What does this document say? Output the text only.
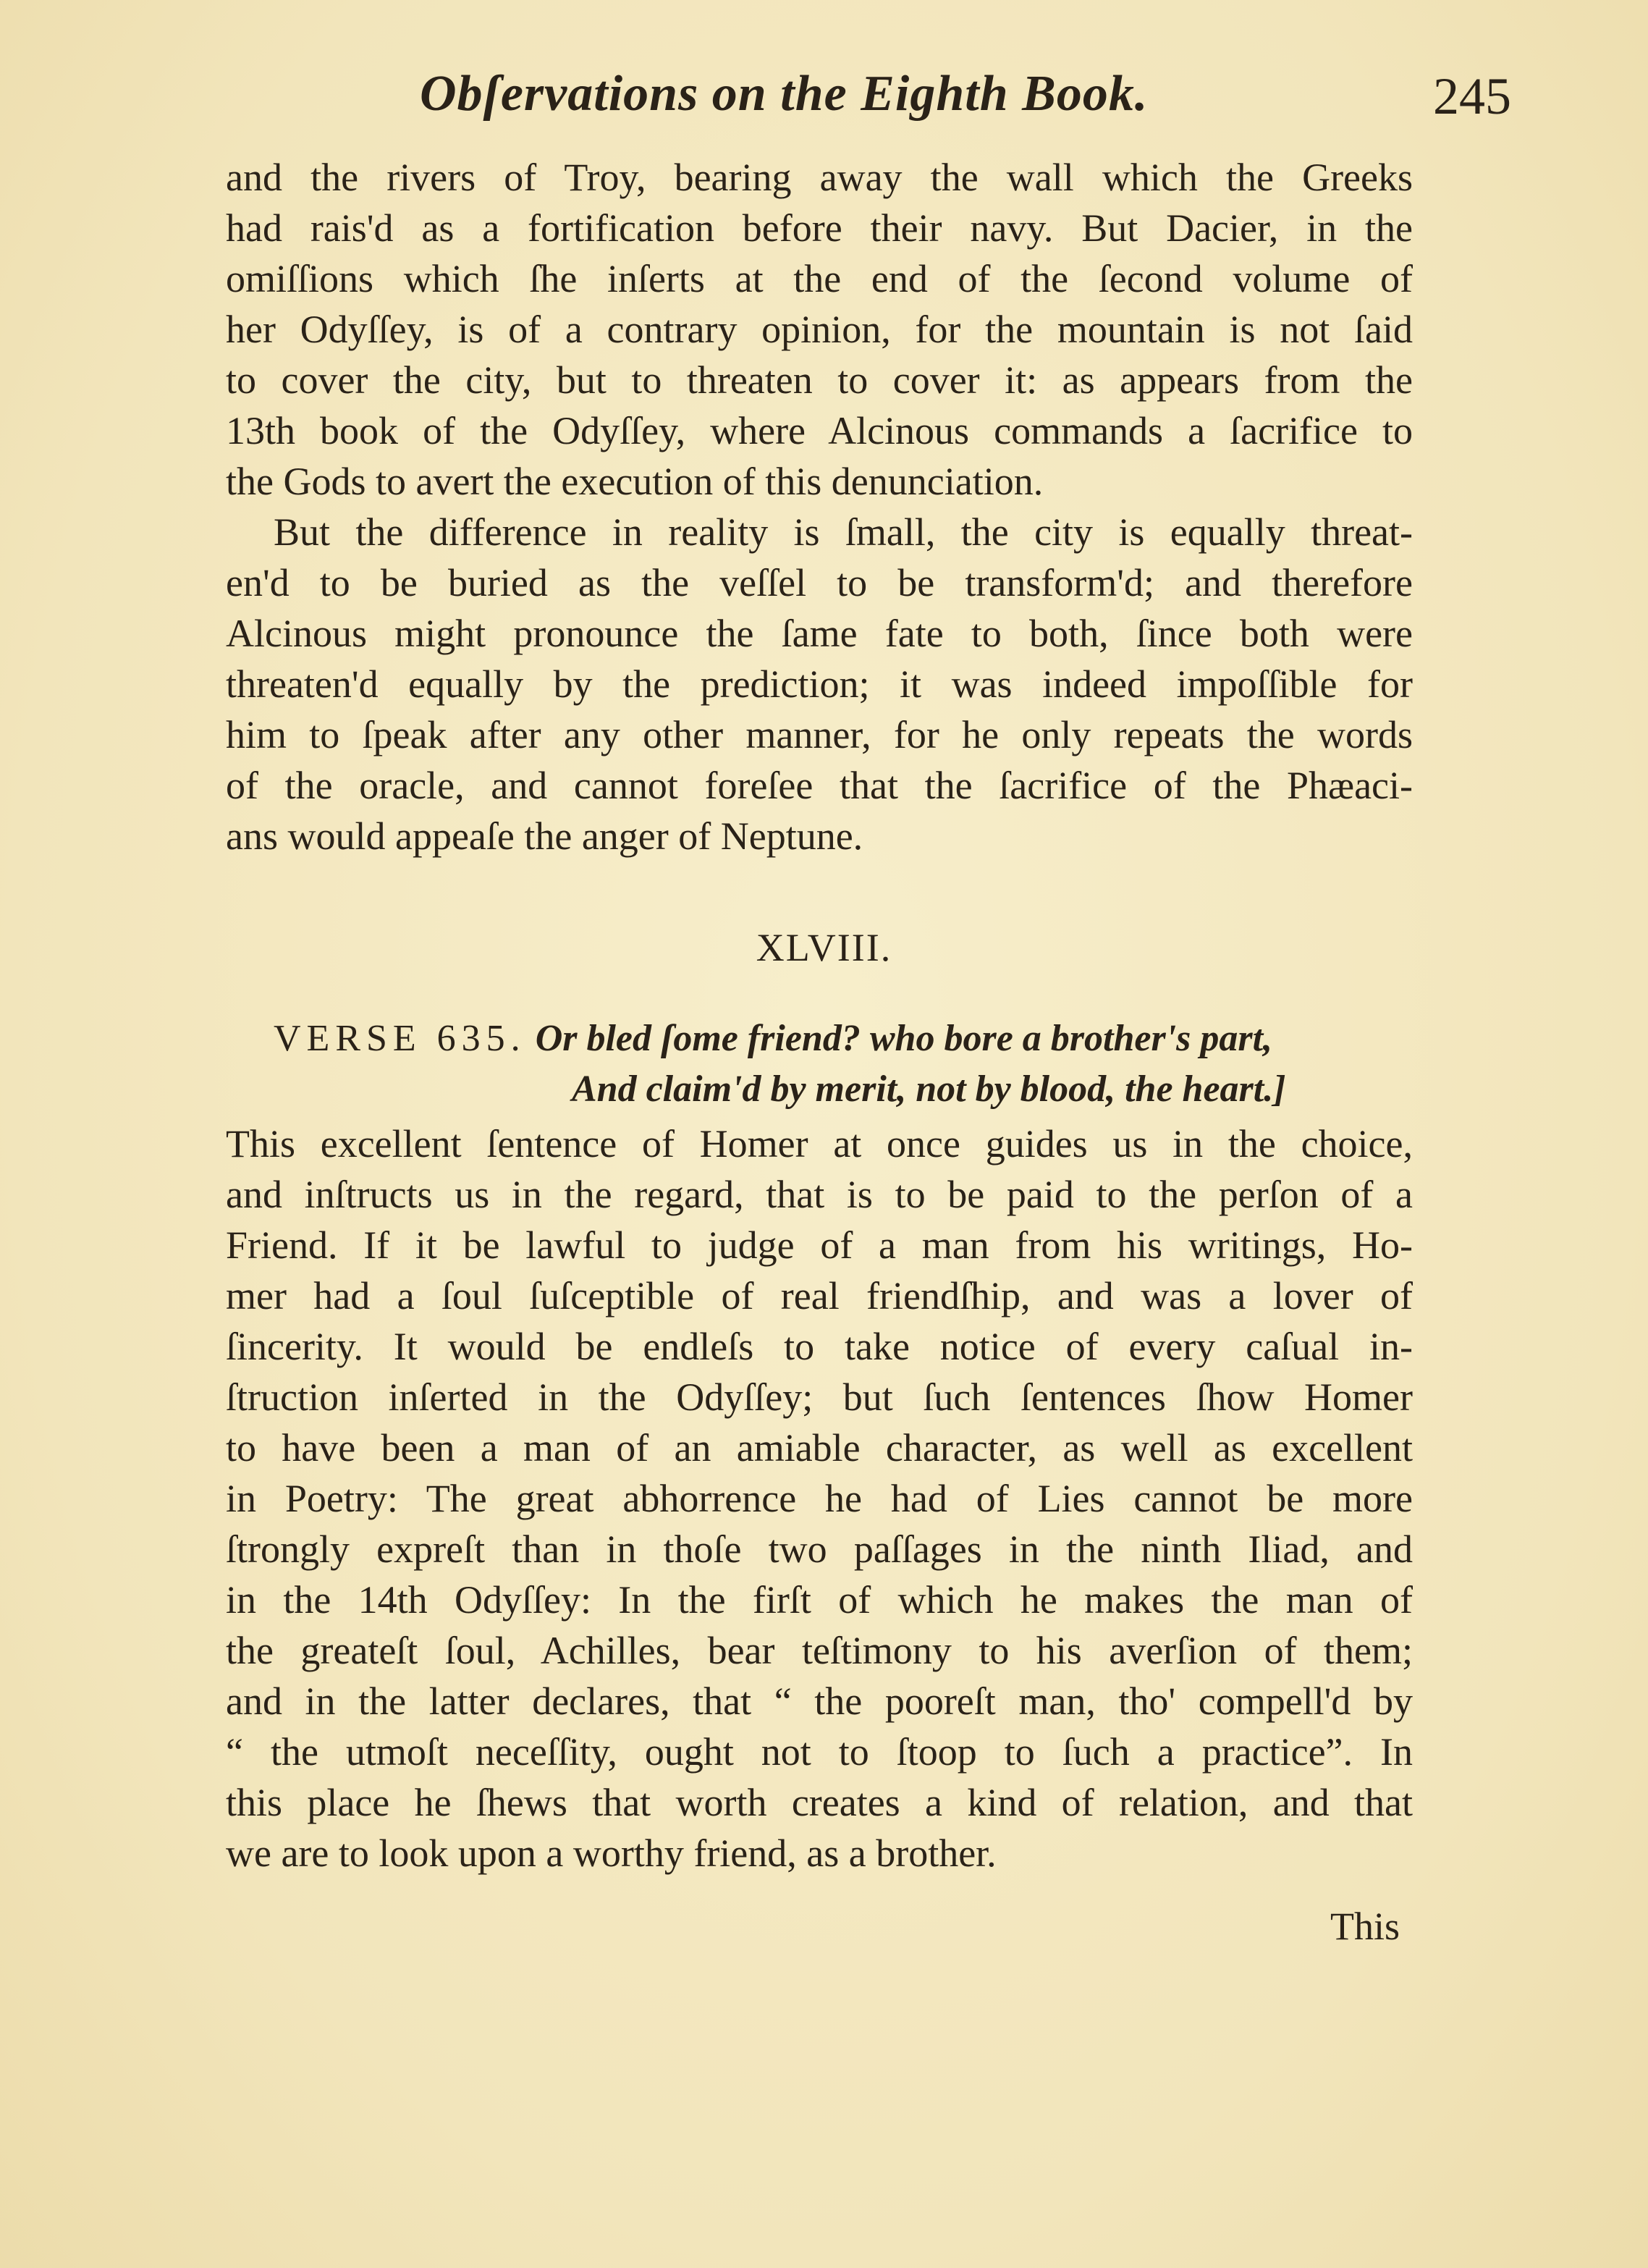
Obſervations on the Eighth Book.	245
and the rivers of Troy, bearing away the wall which the Greeks
had rais'd as a fortification before their navy. But Dacier, in the
omiſſions which ſhe inſerts at the end of the ſecond volume of
her Odyſſey, is of a contrary opinion, for the mountain is not ſaid
to cover the city, but to threaten to cover it: as appears from the
13th book of the Odyſſey, where Alcinous commands a ſacrifice to
the Gods to avert the execution of this denunciation.
But the difference in reality is ſmall, the city is equally threat-
en'd to be buried as the veſſel to be transform'd; and therefore
Alcinous might pronounce the ſame fate to both, ſince both were
threaten'd equally by the prediction; it was indeed impoſſible for
him to ſpeak after any other manner, for he only repeats the words
of the oracle, and cannot foreſee that the ſacrifice of the Phæaci-
ans would appeaſe the anger of Neptune.
XLVIII.
VERSE 635. Or bled ſome friend? who bore a brother's part,
And claim'd by merit, not by blood, the heart.]
This excellent ſentence of Homer at once guides us in the choice,
and inſtructs us in the regard, that is to be paid to the perſon of a
Friend. If it be lawful to judge of a man from his writings, Ho-
mer had a ſoul ſuſceptible of real friendſhip, and was a lover of
ſincerity. It would be endleſs to take notice of every caſual in-
ſtruction inſerted in the Odyſſey; but ſuch ſentences ſhow Homer
to have been a man of an amiable character, as well as excellent
in Poetry: The great abhorrence he had of Lies cannot be more
ſtrongly expreſt than in thoſe two paſſages in the ninth Iliad, and
in the 14th Odyſſey: In the firſt of which he makes the man of
the greateſt ſoul, Achilles, bear teſtimony to his averſion of them;
and in the latter declares, that “ the pooreſt man, tho' compell'd by
“ the utmoſt neceſſity, ought not to ſtoop to ſuch a practice”. In
this place he ſhews that worth creates a kind of relation, and that
we are to look upon a worthy friend, as a brother.
This
